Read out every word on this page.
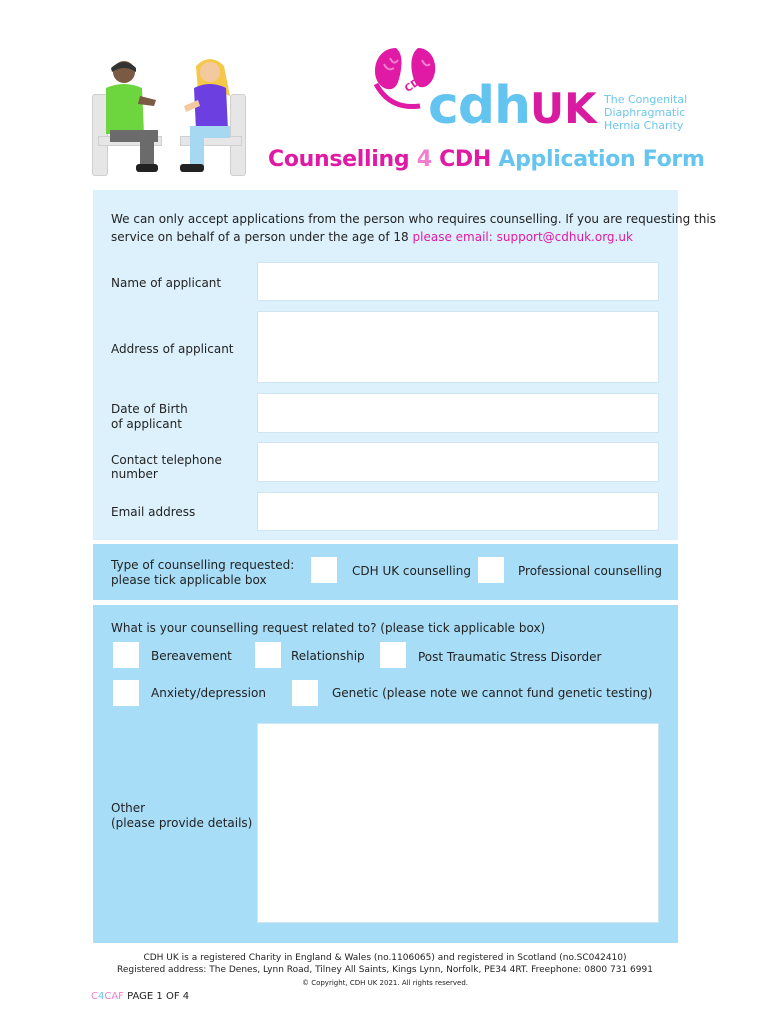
CDH cdh UK The Congenital
Diaphragmatic
Hernia Charity
Counselling 4 CDH Application Form
We can only accept applications from the person who requires counselling. If you are requesting this
service on behalf of a person under the age of 18 please email: support@cdhuk.org.uk
Name of applicant
Address of applicant
Date of Birth
of applicant
Contact telephone
number
Email address
Type of counselling requested:
please tick applicable box
CDH UK counselling	Professional counselling
What is your counselling request related to? (please tick applicable box)
Bereavement	Relationship	Post Traumatic Stress Disorder
Anxiety/depression	Genetic (please note we cannot fund genetic testing)
Other
(please provide details)
CDH UK is a registered Charity in England & Wales (no.1106065) and registered in Scotland (no.SC042410)
Registered address: The Denes, Lynn Road, Tilney All Saints, Kings Lynn, Norfolk, PE34 4RT. Freephone: 0800 731 6991
© Copyright, CDH UK 2021. All rights reserved.
C4CAF PAGE 1 OF 4
